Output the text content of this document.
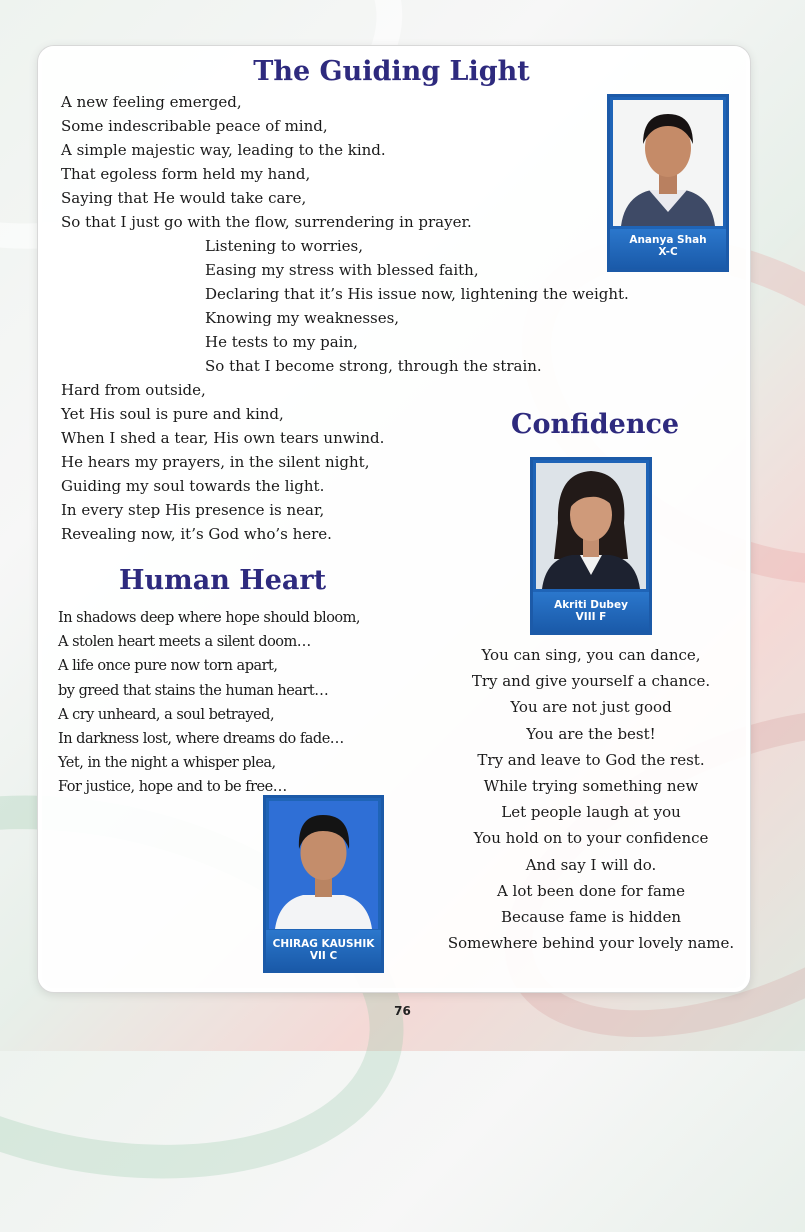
The Guiding Light
A new feeling emerged,
Some indescribable peace of mind,
A simple majestic way, leading to the kind.
That egoless form held my hand,
Saying that He would take care,
So that I just go with the flow, surrendering in prayer.
Listening to worries,
Easing my stress with blessed faith,
Declaring that it’s His issue now, lightening the weight.
Knowing my weaknesses,
He tests to my pain,
So that I become strong, through the strain.
Hard from outside,
Yet His soul is pure and kind,
When I shed a tear, His own tears unwind.
He hears my prayers, in the silent night,
Guiding my soul towards the light.
In every step His presence is near,
Revealing now, it’s God who’s here.
Ananya Shah
X-C
Confidence
Akriti Dubey
VIII F
You can sing, you can dance,
Try and give yourself a chance.
You are not just good
You are the best!
Try and leave to God the rest.
While trying something new
Let people laugh at you
You hold on to your confidence
And say I will do.
A lot been done for fame
Because fame is hidden
Somewhere behind your lovely name.
Human Heart
In shadows deep where hope should bloom,
A stolen heart meets a silent doom…
A life once pure now torn apart,
by greed that stains the human heart…
A cry unheard, a soul betrayed,
In darkness lost, where dreams do fade…
Yet, in the night a whisper plea,
For justice, hope and to be free…
CHIRAG KAUSHIK
VII C
76
